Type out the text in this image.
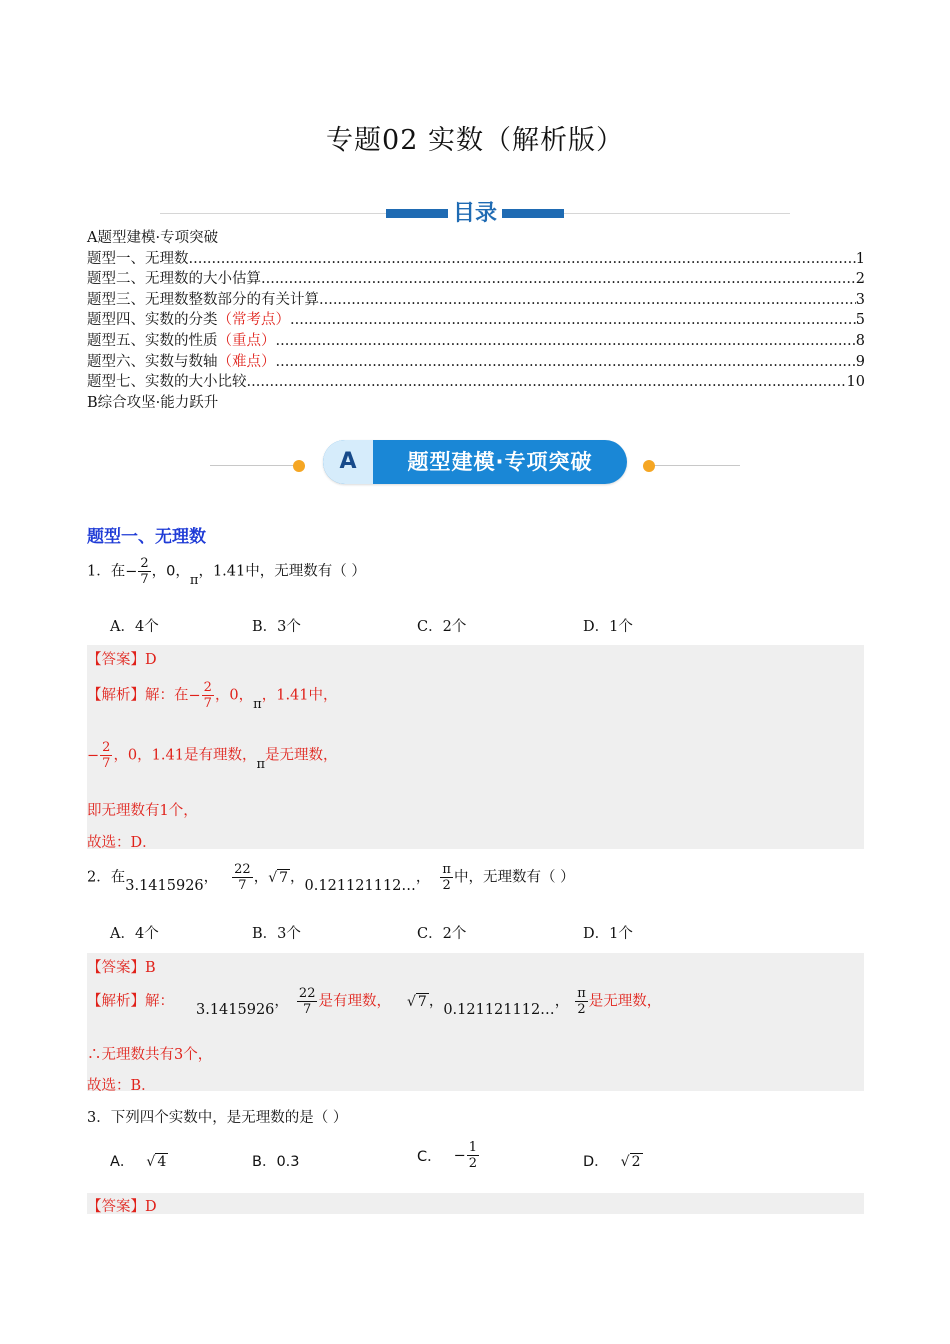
专题02 实数（解析版）
目录
A题型建模·专项突破
题型一、无理数 .....	1
题型二、无理数的大小估算 .....	2
题型三、无理数整数部分的有关计算 .....	3
题型四、实数的分类 （常考点） .....	5
题型五、实数的性质 （重点） .....	8
题型六、实数与数轴 （难点） .....	9
题型七、实数的大小比较 .....	10
B综合攻坚·能力跃升
A	题型建模·专项突破
题型一、无理数
1．在− $\frac{2}{7}$ ，0，π，1.41中，无理数有（ ）
A．4个	B．3个	C．2个	D．1个
【答案】D
【解析】解：在− $\frac{2}{7}$ ，0，π，1.41中，
− $\frac{2}{7}$ ，0，1.41是有理数，π是无理数，
即无理数有1个，
故选：D．
2．在3.1415926， $\frac{22}{7}$ ，√ 7 ，0.121121112…， $\frac{\pi}{2}$ 中，无理数有（ ）
A．4个	B．3个	C．2个	D．1个
【答案】B
【解析】解： 3.1415926， $\frac{22}{7}$ 是有理数， √ 7 ，0.121121112…， $\frac{\pi}{2}$ 是无理数，
∴无理数共有3个，
故选：B．
3．下列四个实数中，是无理数的是（ ）
A． √ 4	B．0.3	C． − $\frac{1}{2}$	D． √ 2
【答案】D
